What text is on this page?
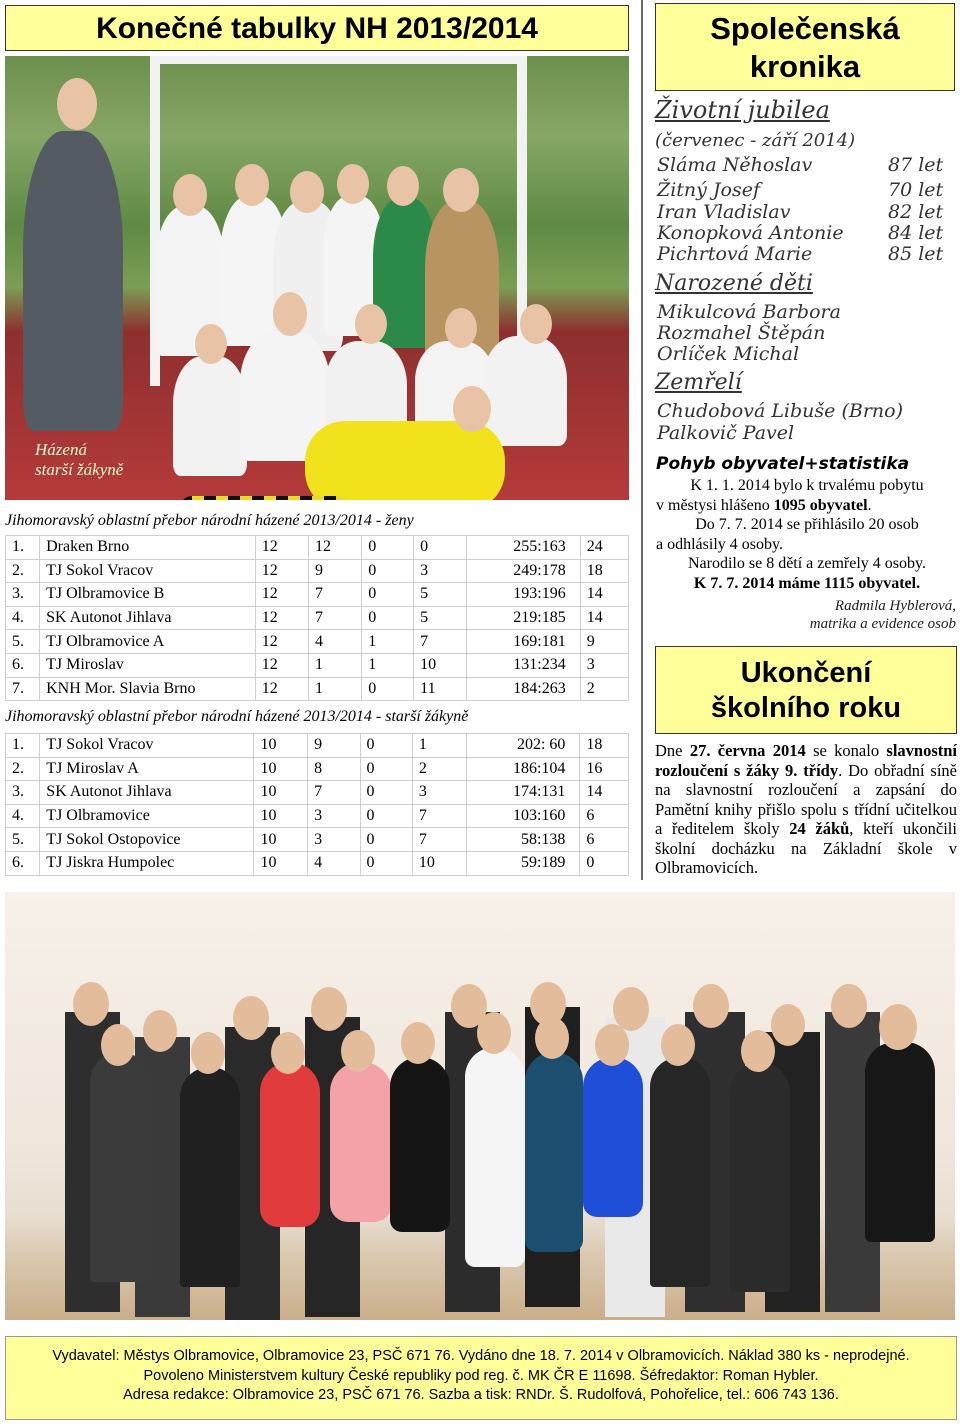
Konečné tabulky NH 2013/2014
Házená
starší žákyně
Jihomoravský oblastní přebor národní házené 2013/2014 - ženy
1.	Draken Brno	12	12	0	0	255:163	24
2.	TJ Sokol Vracov	12	9	0	3	249:178	18
3.	TJ Olbramovice B	12	7	0	5	193:196	14
4.	SK Autonot Jihlava	12	7	0	5	219:185	14
5.	TJ Olbramovice A	12	4	1	7	169:181	9
6.	TJ Miroslav	12	1	1	10	131:234	3
7.	KNH Mor. Slavia Brno	12	1	0	11	184:263	2
Jihomoravský oblastní přebor národní házené 2013/2014 - starší žákyně
1.	TJ Sokol Vracov	10	9	0	1	202: 60	18
2.	TJ Miroslav A	10	8	0	2	186:104	16
3.	SK Autonot Jihlava	10	7	0	3	174:131	14
4.	TJ Olbramovice	10	3	0	7	103:160	6
5.	TJ Sokol Ostopovice	10	3	0	7	58:138	6
6.	TJ Jiskra Humpolec	10	4	0	10	59:189	0
Společenská
kronika
Životní jubilea
(červenec - září 2014)
Sláma Něhoslav	87 let
Žitný Josef	70 let
Iran Vladislav	82 let
Konopková Antonie 84 let
Pichrtová Marie	85 let
Narozené děti
Mikulcová Barbora
Rozmahel Štěpán
Orlíček Michal
Zemřelí
Chudobová Libuše (Brno)
Palkovič Pavel
Pohyb obyvatel+statistika
K 1. 1. 2014 bylo k trvalému pobytu
v městysi hlášeno 1095 obyvatel.
Do 7. 7. 2014 se přihlásilo 20 osob
a odhlásily 4 osoby.
Narodilo se 8 dětí a zemřely 4 osoby.
K 7. 7. 2014 máme 1115 obyvatel.
Radmila Hyblerová,
matrika a evidence osob
Ukončení
školního roku
Dne 27. června 2014 se konalo slavnostní rozloučení s žáky 9. třídy. Do obřadní síně na slavnostní rozloučení a zapsání do Pamětní knihy přišlo spolu s třídní učitelkou a ředitelem školy 24 žáků, kteří ukončili školní docházku na Základní škole v Olbramovicích.
Vydavatel: Městys Olbramovice, Olbramovice 23, PSČ 671 76. Vydáno dne 18. 7. 2014 v Olbramovicích. Náklad 380 ks - neprodejné.
Povoleno Ministerstvem kultury České republiky pod reg. č. MK ČR E 11698. Šéfredaktor: Roman Hybler.
Adresa redakce: Olbramovice 23, PSČ 671 76. Sazba a tisk: RNDr. Š. Rudolfová, Pohořelice, tel.: 606 743 136.
